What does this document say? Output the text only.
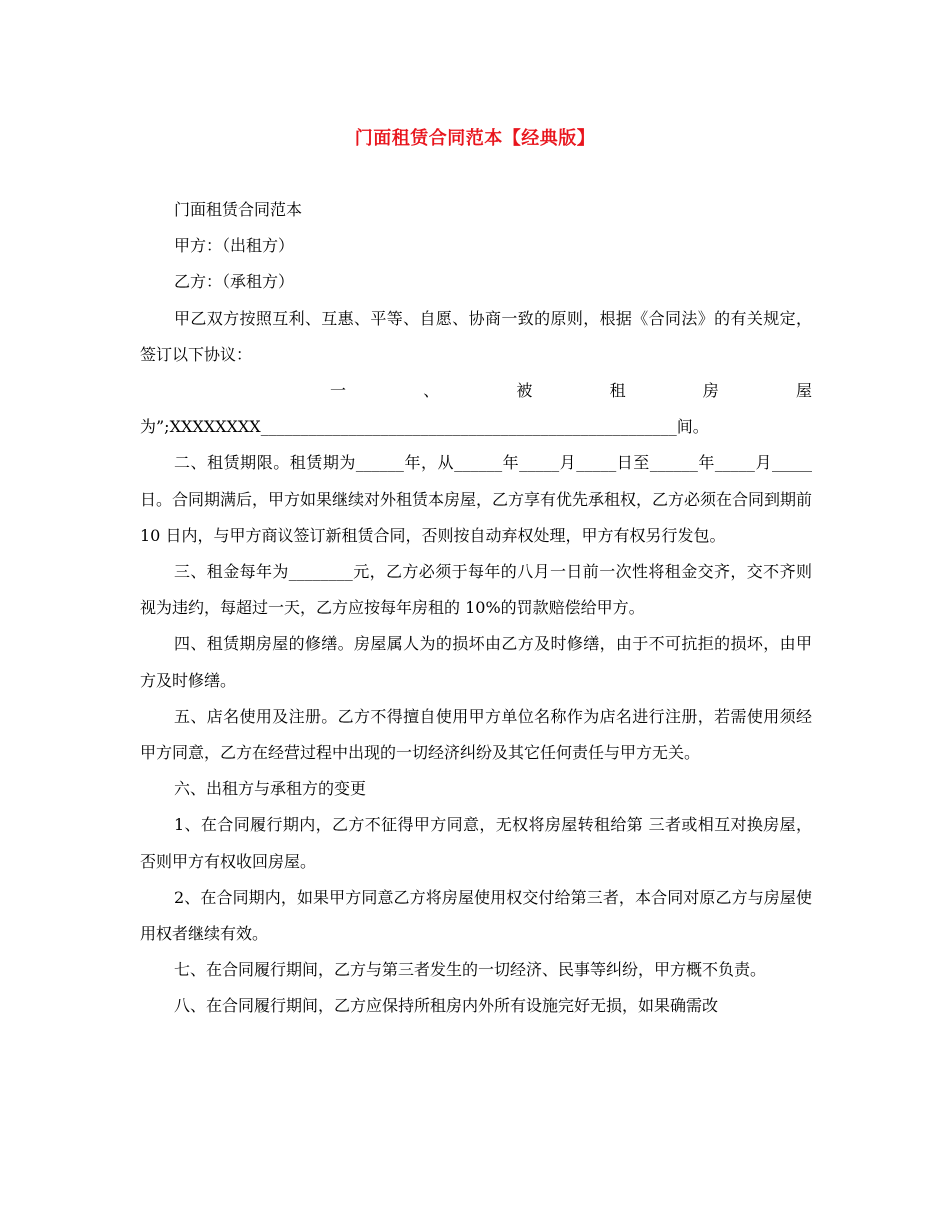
门面租赁合同范本【经典版】

门面租赁合同范本

甲方：（出租方）

乙方：（承租方）

甲乙双方按照互利、互惠、平等、自愿、协商一致的原则，根据《合同法》的有关规定，签订以下协议：

一	、	被	租	房	屋

为”;XXXXXXXX____________________________________________________间。

二、租赁期限。租赁期为______年，从______年_____月_____日至______年_____月_____日。合同期满后，甲方如果继续对外租赁本房屋，乙方享有优先承租权，乙方必须在合同到期前 10 日内，与甲方商议签订新租赁合同，否则按自动弃权处理，甲方有权另行发包。

三、租金每年为________元，乙方必须于每年的八月一日前一次性将租金交齐，交不齐则视为违约，每超过一天，乙方应按每年房租的 10%的罚款赔偿给甲方。

四、租赁期房屋的修缮。房屋属人为的损坏由乙方及时修缮，由于不可抗拒的损坏，由甲方及时修缮。

五、店名使用及注册。乙方不得擅自使用甲方单位名称作为店名进行注册，若需使用须经甲方同意，乙方在经营过程中出现的一切经济纠纷及其它任何责任与甲方无关。

六、出租方与承租方的变更

1、在合同履行期内，乙方不征得甲方同意，无权将房屋转租给第 三者或相互对换房屋，否则甲方有权收回房屋。

2、在合同期内，如果甲方同意乙方将房屋使用权交付给第三者，本合同对原乙方与房屋使用权者继续有效。

七、在合同履行期间，乙方与第三者发生的一切经济、民事等纠纷，甲方概不负责。

八、在合同履行期间，乙方应保持所租房内外所有设施完好无损，如果确需改
